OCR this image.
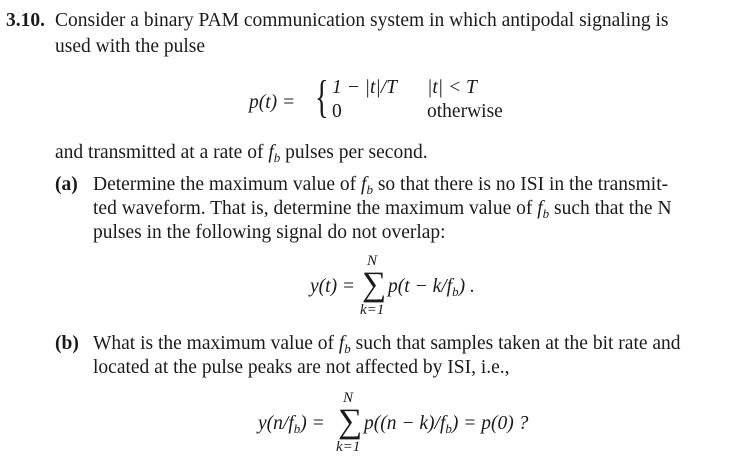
3.10. Consider a binary PAM communication system in which antipodal signaling is
used with the pulse
p(t) = { 1 − |t|/T |t| < T
0	otherwise
and transmitted at a rate of $f_b$ pulses per second.
(a) Determine the maximum value of $f_b$ so that there is no ISI in the transmit-
ted waveform. That is, determine the maximum value of $f_b$ such that the N
pulses in the following signal do not overlap:
y(t) =
N
∑
k=1
$p(t - k/f_b)$ .
(b) What is the maximum value of $f_b$ such that samples taken at the bit rate and
located at the pulse peaks are not affected by ISI, i.e.,
$y(n/f_b)$ =
N
∑
k=1
$p((n - k)/f_b) = p(0)$ ?
